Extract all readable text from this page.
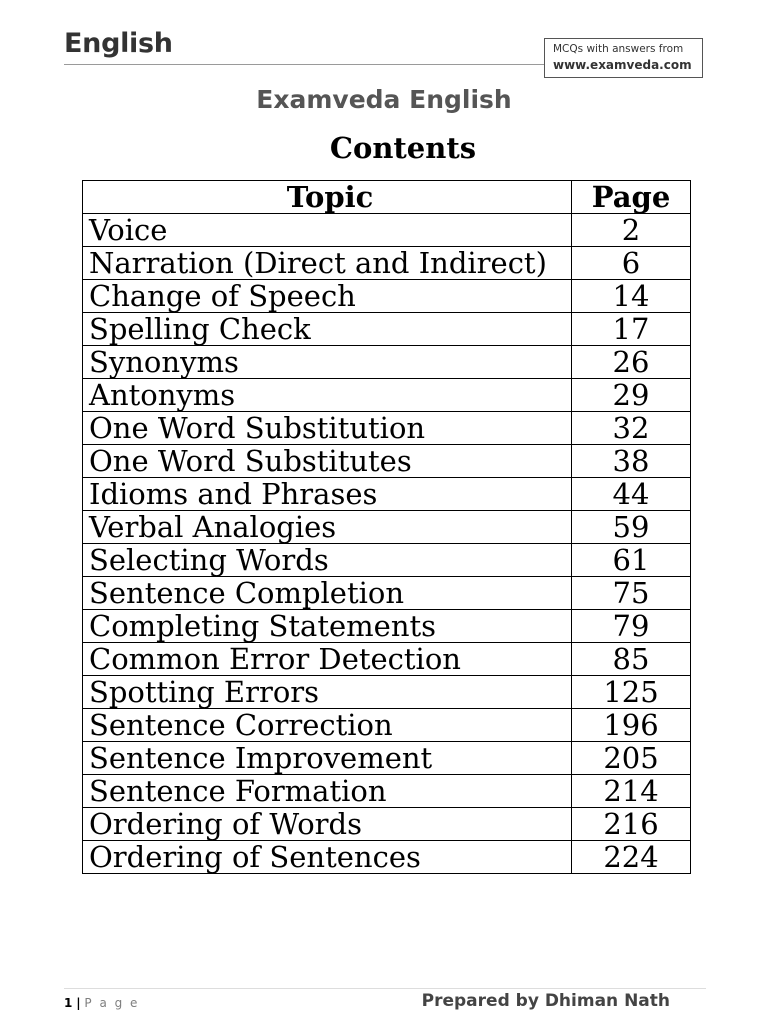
English	MCQs with answers from
www.examveda.com
Examveda English
Contents
Topic	Page
Voice	2
Narration (Direct and Indirect)	6
Change of Speech	14
Spelling Check	17
Synonyms	26
Antonyms	29
One Word Substitution	32
One Word Substitutes	38
Idioms and Phrases	44
Verbal Analogies	59
Selecting Words	61
Sentence Completion	75
Completing Statements	79
Common Error Detection	85
Spotting Errors	125
Sentence Correction	196
Sentence Improvement	205
Sentence Formation	214
Ordering of Words	216
Ordering of Sentences	224
1 | P a g e	Prepared by Dhiman Nath
